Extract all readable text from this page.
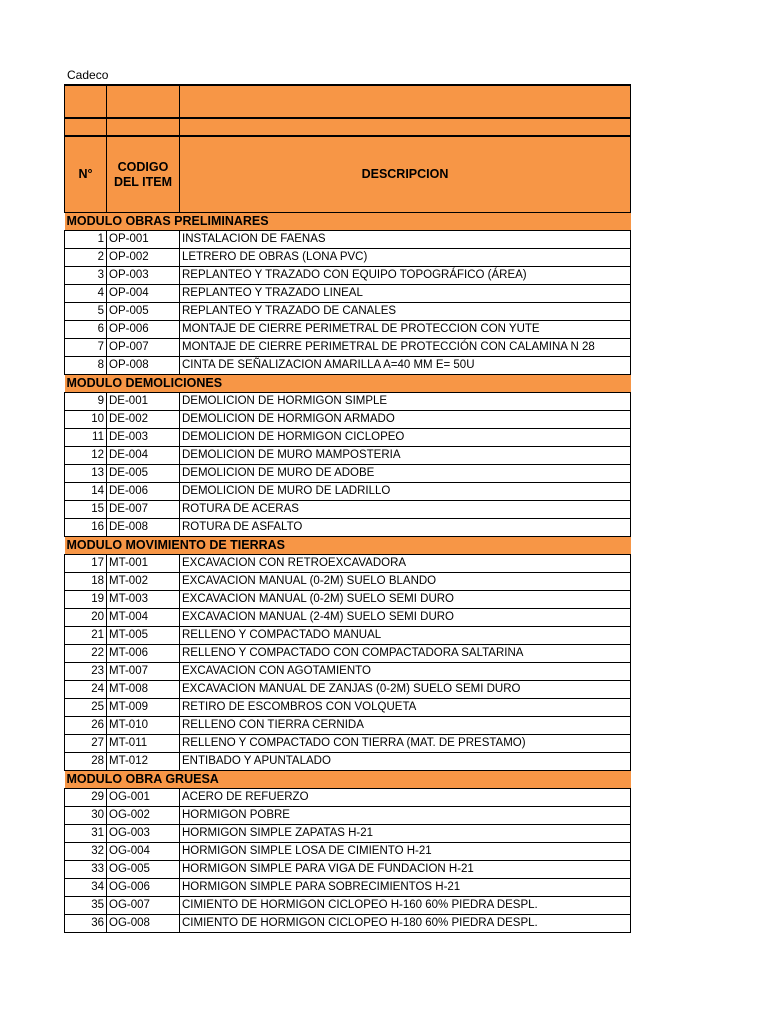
Cadeco

N°	CODIGO DEL ITEM	DESCRIPCION
MODULO OBRAS PRELIMINARES		
1	OP-001	INSTALACION DE FAENAS
2	OP-002	LETRERO DE OBRAS (LONA PVC)
3	OP-003	REPLANTEO Y TRAZADO CON EQUIPO TOPOGRÁFICO (ÁREA)
4	OP-004	REPLANTEO Y TRAZADO LINEAL
5	OP-005	REPLANTEO Y TRAZADO DE CANALES
6	OP-006	MONTAJE DE CIERRE PERIMETRAL DE PROTECCION CON YUTE
7	OP-007	MONTAJE DE CIERRE PERIMETRAL DE PROTECCIÓN CON CALAMINA N 28
8	OP-008	CINTA DE SEÑALIZACION AMARILLA A=40 MM E= 50U
MODULO DEMOLICIONES		
9	DE-001	DEMOLICION DE HORMIGON SIMPLE
10	DE-002	DEMOLICION DE HORMIGON ARMADO
11	DE-003	DEMOLICION DE HORMIGON CICLOPEO
12	DE-004	DEMOLICION DE MURO MAMPOSTERIA
13	DE-005	DEMOLICION DE MURO DE ADOBE
14	DE-006	DEMOLICION DE MURO DE LADRILLO
15	DE-007	ROTURA DE ACERAS
16	DE-008	ROTURA DE ASFALTO
MODULO MOVIMIENTO DE TIERRAS		
17	MT-001	EXCAVACION CON RETROEXCAVADORA
18	MT-002	EXCAVACION MANUAL (0-2M) SUELO BLANDO
19	MT-003	EXCAVACION MANUAL (0-2M) SUELO SEMI DURO
20	MT-004	EXCAVACION MANUAL (2-4M) SUELO SEMI DURO
21	MT-005	RELLENO Y COMPACTADO MANUAL
22	MT-006	RELLENO Y COMPACTADO CON COMPACTADORA SALTARINA
23	MT-007	EXCAVACION CON AGOTAMIENTO
24	MT-008	EXCAVACION MANUAL DE ZANJAS (0-2M) SUELO SEMI DURO
25	MT-009	RETIRO DE ESCOMBROS CON VOLQUETA
26	MT-010	RELLENO CON TIERRA CERNIDA
27	MT-011	RELLENO Y COMPACTADO CON TIERRA (MAT. DE PRESTAMO)
28	MT-012	ENTIBADO Y APUNTALADO
MODULO OBRA GRUESA		
29	OG-001	ACERO DE REFUERZO
30	OG-002	HORMIGON POBRE
31	OG-003	HORMIGON SIMPLE ZAPATAS H-21
32	OG-004	HORMIGON SIMPLE LOSA DE CIMIENTO H-21
33	OG-005	HORMIGON SIMPLE PARA VIGA DE FUNDACION H-21
34	OG-006	HORMIGON SIMPLE PARA SOBRECIMIENTOS H-21
35	OG-007	CIMIENTO DE HORMIGON CICLOPEO H-160 60% PIEDRA DESPL.
36	OG-008	CIMIENTO DE HORMIGON CICLOPEO H-180 60% PIEDRA DESPL.
